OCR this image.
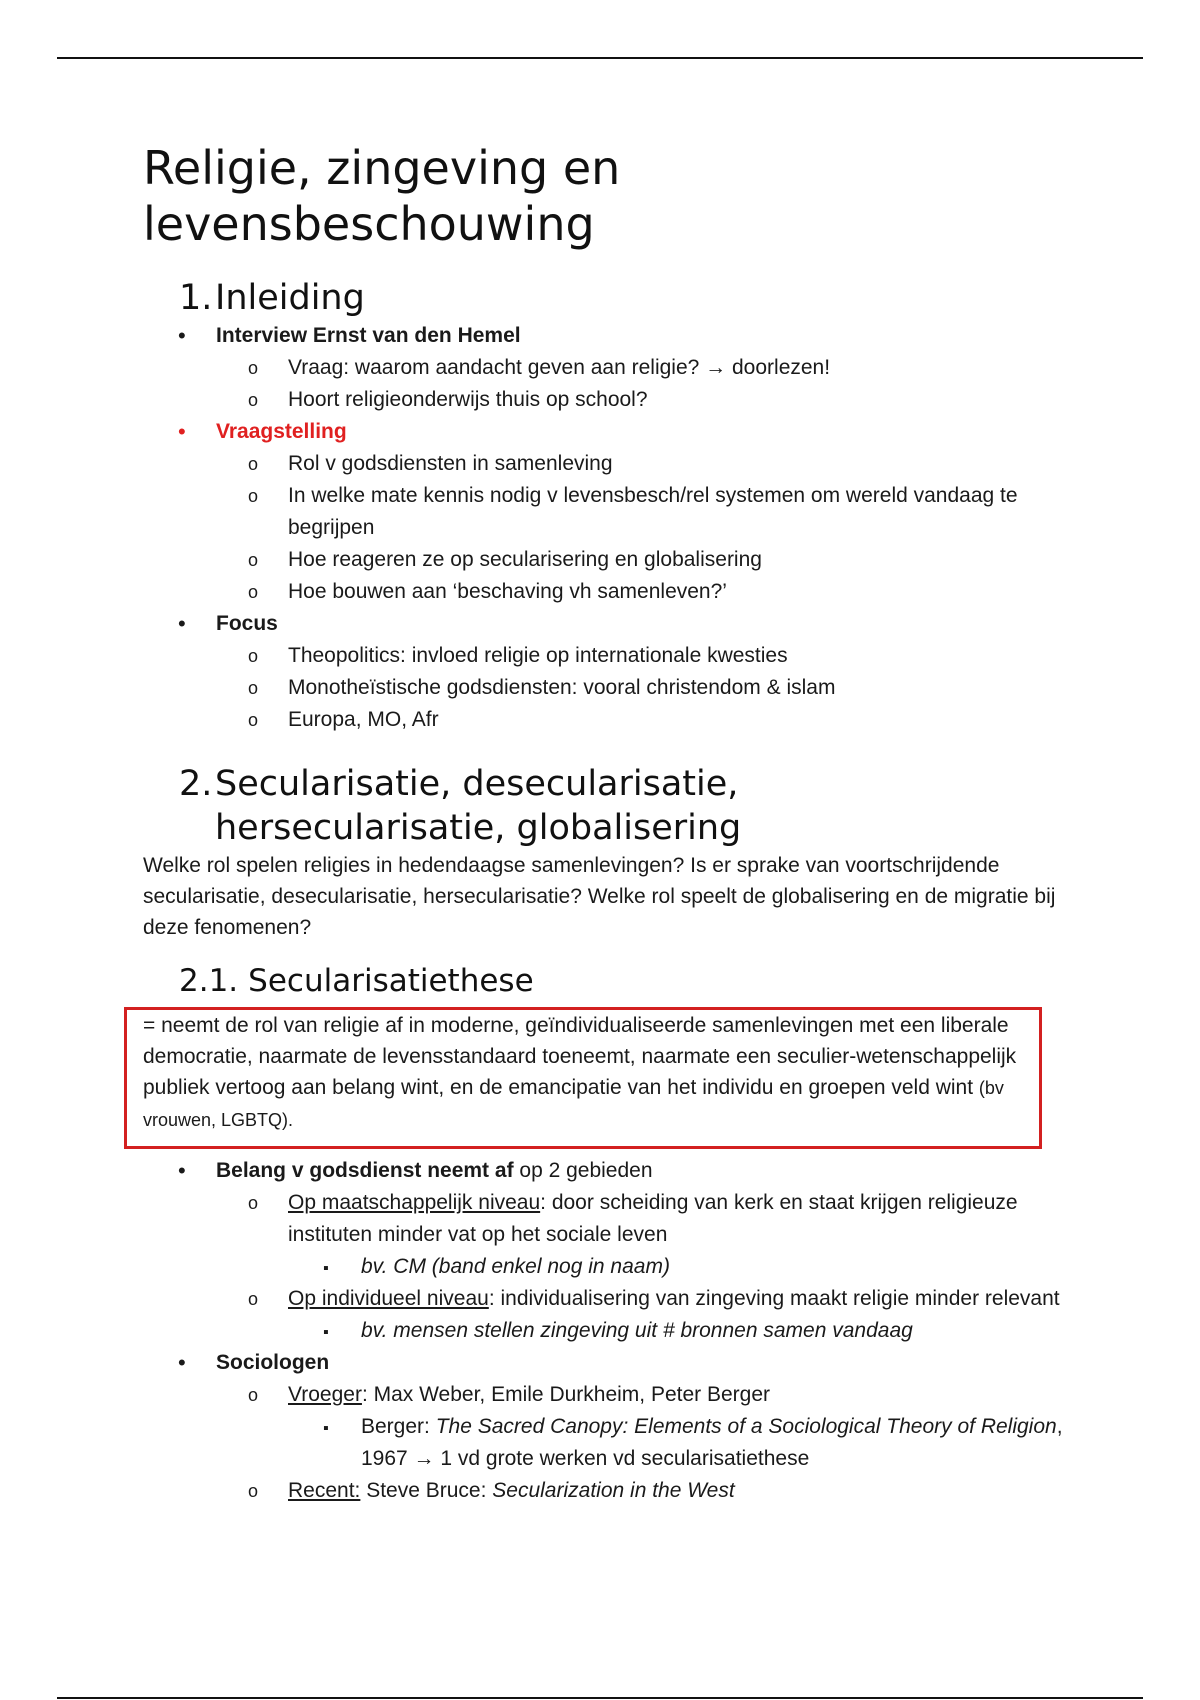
Religie, zingeving en
levensbeschouwing
1. Inleiding
•
Interview Ernst van den Hemel
o
Vraag: waarom aandacht geven aan religie? → doorlezen!
o
Hoort religieonderwijs thuis op school?
•
Vraagstelling
o
Rol v godsdiensten in samenleving
o
In welke mate kennis nodig v levensbesch/rel systemen om wereld vandaag te begrijpen
o
Hoe reageren ze op secularisering en globalisering
o
Hoe bouwen aan ‘beschaving vh samenleven?’
•
Focus
o
Theopolitics: invloed religie op internationale kwesties
o
Monotheïstische godsdiensten: vooral christendom & islam
o
Europa, MO, Afr
2. Secularisatie, desecularisatie,
hersecularisatie, globalisering

Welke rol spelen religies in hedendaagse samenlevingen? Is er sprake van voortschrijdende secularisatie, desecularisatie, hersecularisatie? Welke rol speelt de globalisering en de migratie bij deze fenomenen?

2.1. Secularisatiethese

= neemt de rol van religie af in moderne, geïndividualiseerde samenlevingen met een liberale democratie, naarmate de levensstandaard toeneemt, naarmate een seculier-wetenschappelijk publiek vertoog aan belang wint, en de emancipatie van het individu en groepen veld wint (bv vrouwen, LGBTQ).

•
Belang v godsdienst neemt af op 2 gebieden
o
Op maatschappelijk niveau: door scheiding van kerk en staat krijgen religieuze instituten minder vat op het sociale leven
▪
bv. CM (band enkel nog in naam)
o
Op individueel niveau: individualisering van zingeving maakt religie minder relevant
▪
bv. mensen stellen zingeving uit # bronnen samen vandaag
•
Sociologen
o
Vroeger: Max Weber, Emile Durkheim, Peter Berger
▪
Berger: The Sacred Canopy: Elements of a Sociological Theory of Religion, 1967 → 1 vd grote werken vd secularisatiethese
o
Recent: Steve Bruce: Secularization in the West
